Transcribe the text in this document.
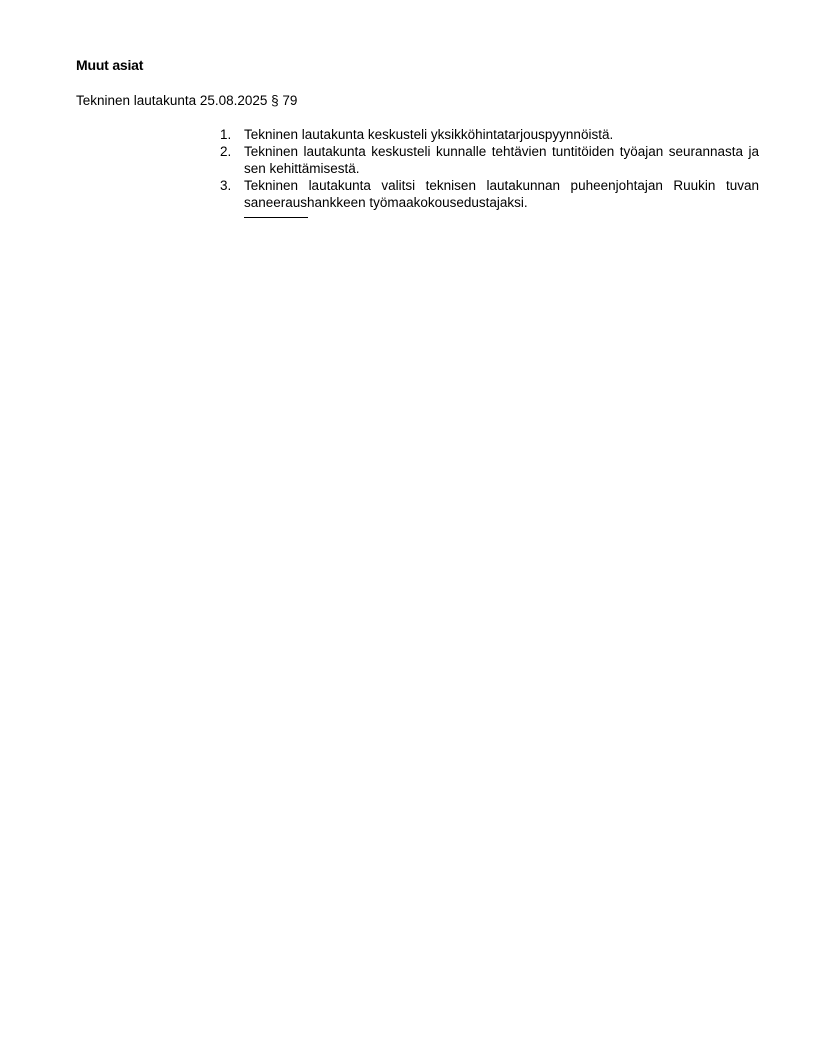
Muut asiat
Tekninen lautakunta 25.08.2025 § 79
1. Tekninen lautakunta keskusteli yksikköhintatarjouspyynnöistä.
2. Tekninen lautakunta keskusteli kunnalle tehtävien tuntitöiden työajan seurannasta ja sen kehittämisestä.
3. Tekninen lautakunta valitsi teknisen lautakunnan puheenjohtajan Ruukin tuvan saneeraushankkeen työmaakokousedustajaksi.
